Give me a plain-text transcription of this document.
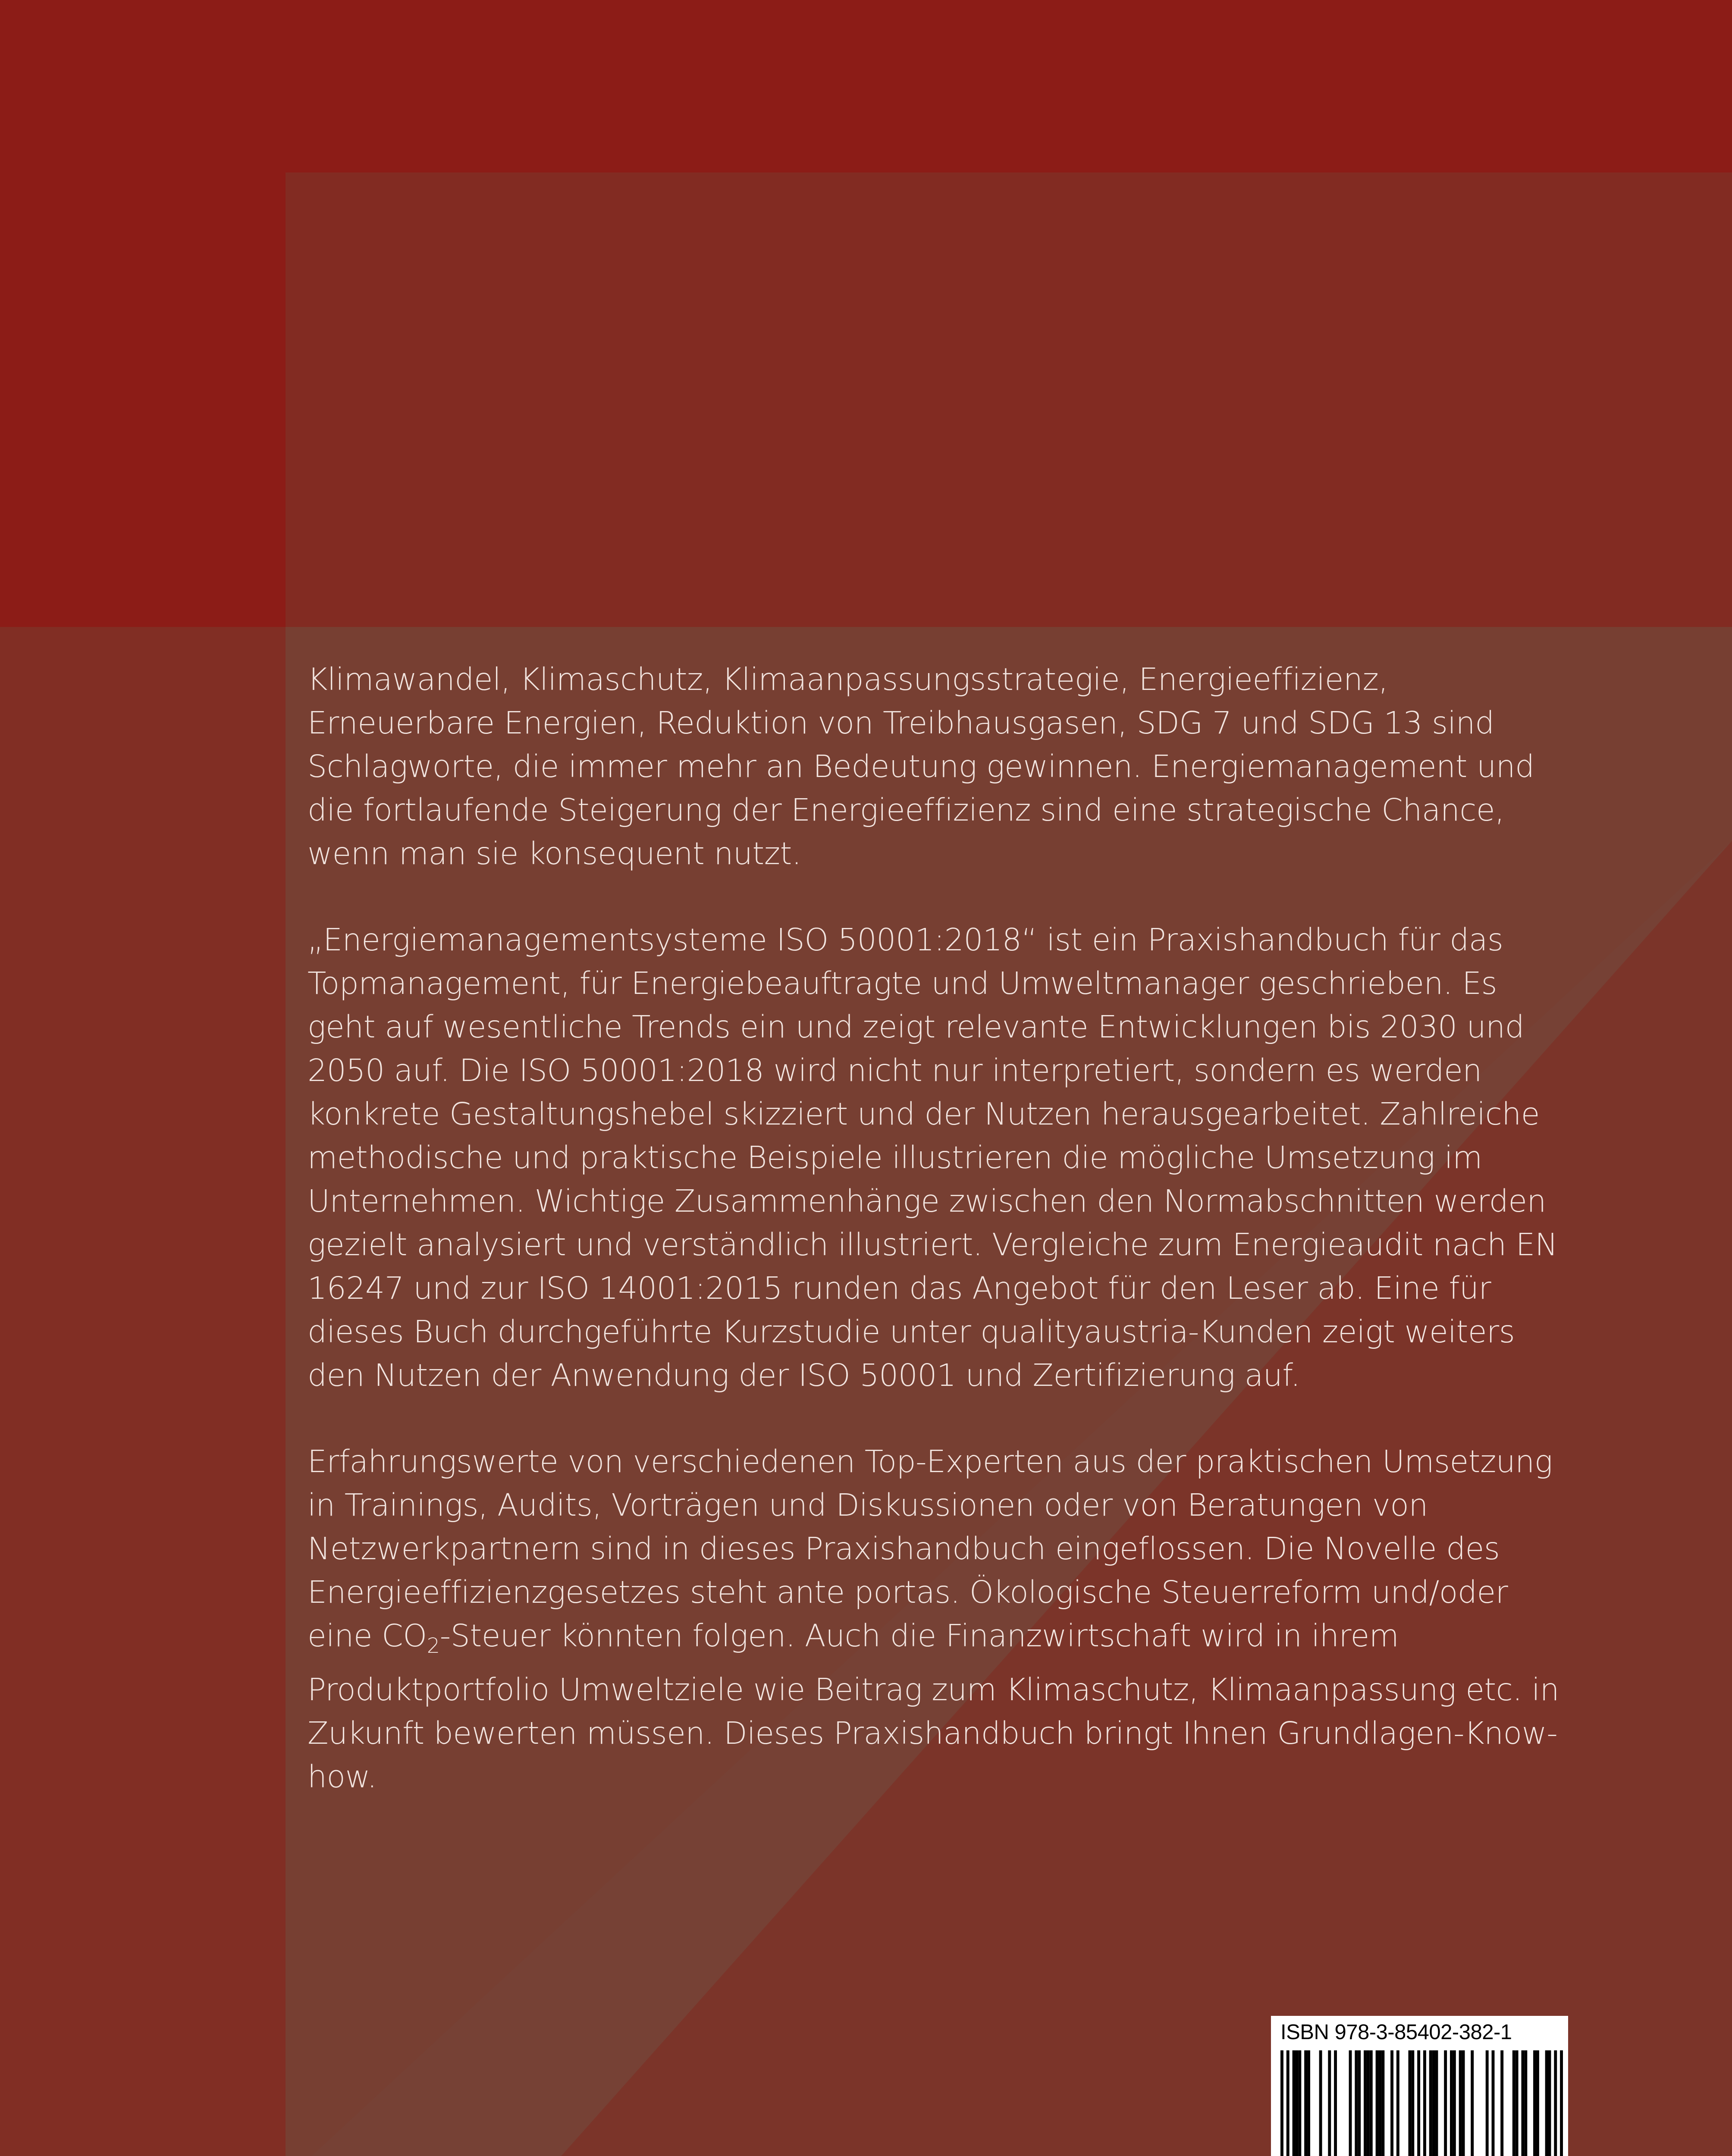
Klimawandel, Klimaschutz, Klimaanpassungsstrategie, Energieeffizienz, Erneuerbare Energien, Reduktion von Treibhausgasen, SDG 7 und SDG 13 sind Schlagworte, die immer mehr an Bedeutung gewinnen. Energiemanagement und die fortlaufende Steigerung der Energieeffizienz sind eine strategische Chance, wenn man sie konsequent nutzt.

„Energiemanagementsysteme ISO 50001:2018“ ist ein Praxishandbuch für das Topmanagement, für Energiebeauftragte und Umweltmanager geschrieben. Es geht auf wesentliche Trends ein und zeigt relevante Entwicklungen bis 2030 und 2050 auf. Die ISO 50001:2018 wird nicht nur interpretiert, sondern es werden konkrete Gestaltungshebel skizziert und der Nutzen herausgearbeitet. Zahlreiche methodische und praktische Beispiele illustrieren die mögliche Umsetzung im Unternehmen. Wichtige Zusammenhänge zwischen den Normabschnitten werden gezielt analysiert und verständlich illustriert. Vergleiche zum Energieaudit nach EN 16247 und zur ISO 14001:2015 runden das Angebot für den Leser ab. Eine für dieses Buch durchgeführte Kurzstudie unter qualityaustria-Kunden zeigt weiters den Nutzen der Anwendung der ISO 50001 und Zertifizierung auf.

Erfahrungswerte von verschiedenen Top-Experten aus der praktischen Umsetzung in Trainings, Audits, Vorträgen und Diskussionen oder von Beratungen von Netzwerkpartnern sind in dieses Praxishandbuch eingeflossen. Die Novelle des Energieeffizienzgesetzes steht ante portas. Ökologische Steuerreform und/oder eine $CO_2$-Steuer könnten folgen. Auch die Finanzwirtschaft wird in ihrem Produktportfolio Umweltziele wie Beitrag zum Klimaschutz, Klimaanpassung etc. in Zukunft bewerten müssen. Dieses Praxishandbuch bringt Ihnen Grundlagen-Know-how.

ISBN 978-3-85402-382-1
